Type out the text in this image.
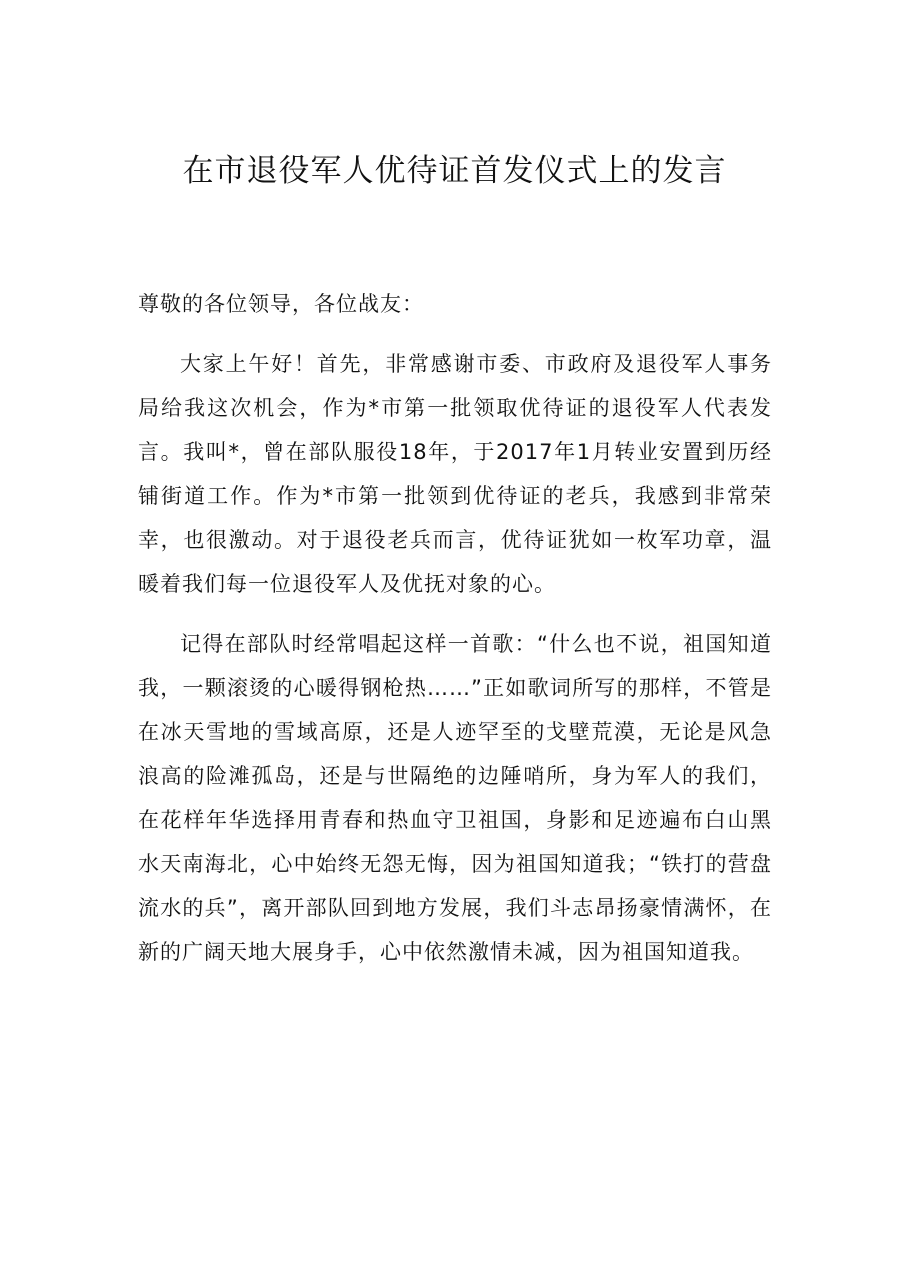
在市退役军人优待证首发仪式上的发言

尊敬的各位领导，各位战友：

大家上午好！首先，非常感谢市委、市政府及退役军人事务局给我这次机会，作为*市第一批领取优待证的退役军人代表发言。我叫*，曾在部队服役18年，于2017年1月转业安置到历经铺街道工作。作为*市第一批领到优待证的老兵，我感到非常荣幸，也很激动。对于退役老兵而言，优待证犹如一枚军功章，温暖着我们每一位退役军人及优抚对象的心。

记得在部队时经常唱起这样一首歌：“什么也不说，祖国知道我，一颗滚烫的心暖得钢枪热……”正如歌词所写的那样，不管是在冰天雪地的雪域高原，还是人迹罕至的戈壁荒漠，无论是风急浪高的险滩孤岛，还是与世隔绝的边陲哨所，身为军人的我们，在花样年华选择用青春和热血守卫祖国，身影和足迹遍布白山黑水天南海北，心中始终无怨无悔，因为祖国知道我；“铁打的营盘流水的兵”，离开部队回到地方发展，我们斗志昂扬豪情满怀，在新的广阔天地大展身手，心中依然激情未减，因为祖国知道我。
